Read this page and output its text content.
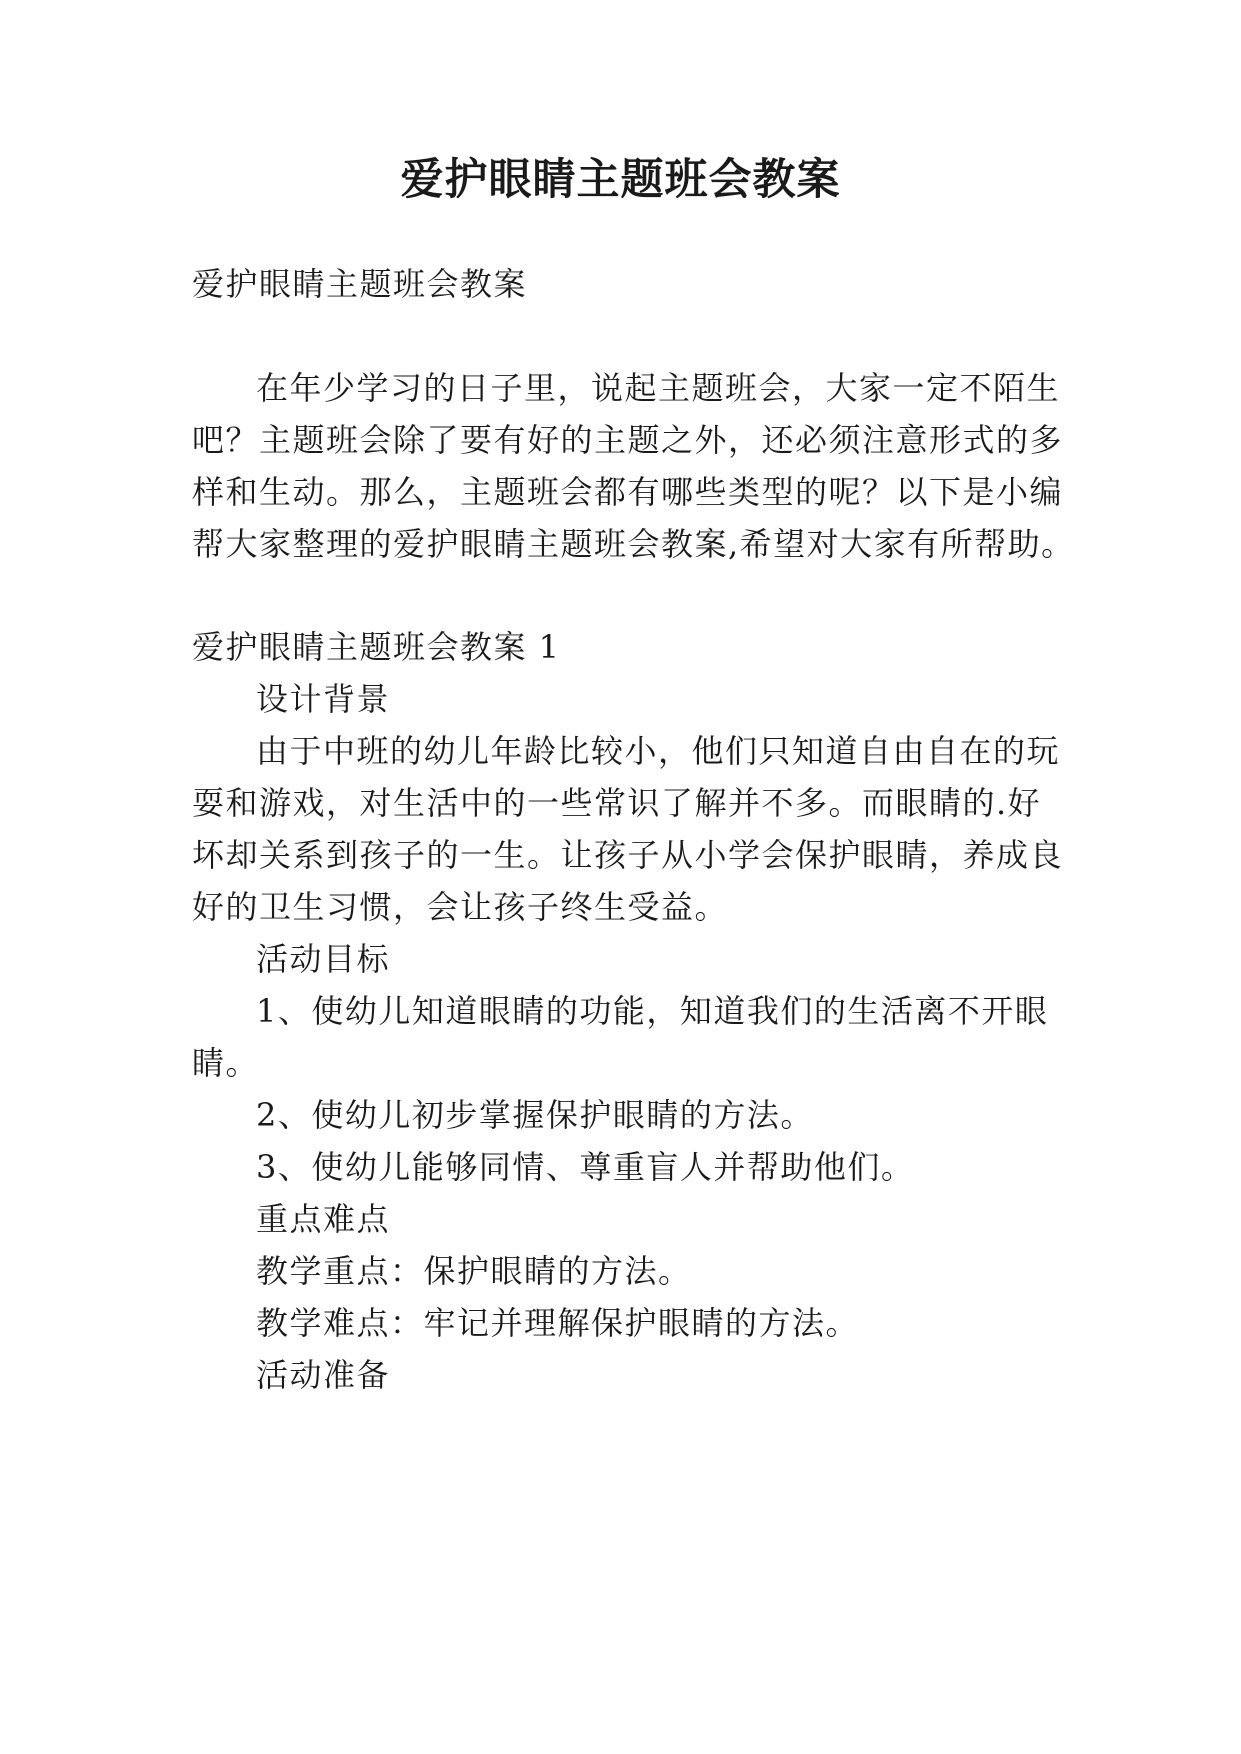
爱护眼睛主题班会教案
爱护眼睛主题班会教案
在年少学习的日子里，说起主题班会，大家一定不陌生
吧？主题班会除了要有好的主题之外，还必须注意形式的多
样和生动。那么，主题班会都有哪些类型的呢？以下是小编
帮大家整理的爱护眼睛主题班会教案,希望对大家有所帮助。
爱护眼睛主题班会教案 1
设计背景
由于中班的幼儿年龄比较小，他们只知道自由自在的玩
耍和游戏，对生活中的一些常识了解并不多。而眼睛的.好
坏却关系到孩子的一生。让孩子从小学会保护眼睛，养成良
好的卫生习惯，会让孩子终生受益。
活动目标
1、使幼儿知道眼睛的功能，知道我们的生活离不开眼
睛。
2、使幼儿初步掌握保护眼睛的方法。
3、使幼儿能够同情、尊重盲人并帮助他们。
重点难点
教学重点：保护眼睛的方法。
教学难点：牢记并理解保护眼睛的方法。
活动准备
